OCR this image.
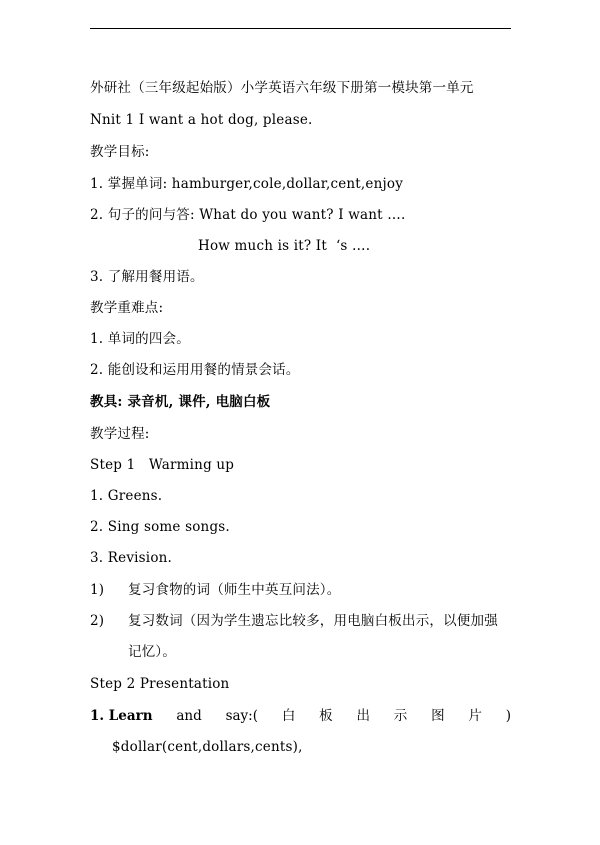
外研社（三年级起始版）小学英语六年级下册第一模块第一单元
Nnit 1 I want a hot dog, please.
教学目标:
1. 掌握单词: hamburger,cole,dollar,cent,enjoy
2. 句子的问与答: What do you want? I want ….
How much is it? It  ‘s ….
3. 了解用餐用语。
教学重难点:
1. 单词的四会。
2. 能创设和运用用餐的情景会话。
教具: 录音机, 课件, 电脑白板
教学过程:
Step 1   Warming up
1. Greens.
2. Sing some songs.
3. Revision.
1) 复习食物的词（师生中英互问法）。
2) 复习数词（因为学生遗忘比较多，用电脑白板出示，以便加强
记忆）。
Step 2 Presentation
1. Learn and say:( 白 板 出 示 图 片 )
$dollar(cent,dollars,cents),
